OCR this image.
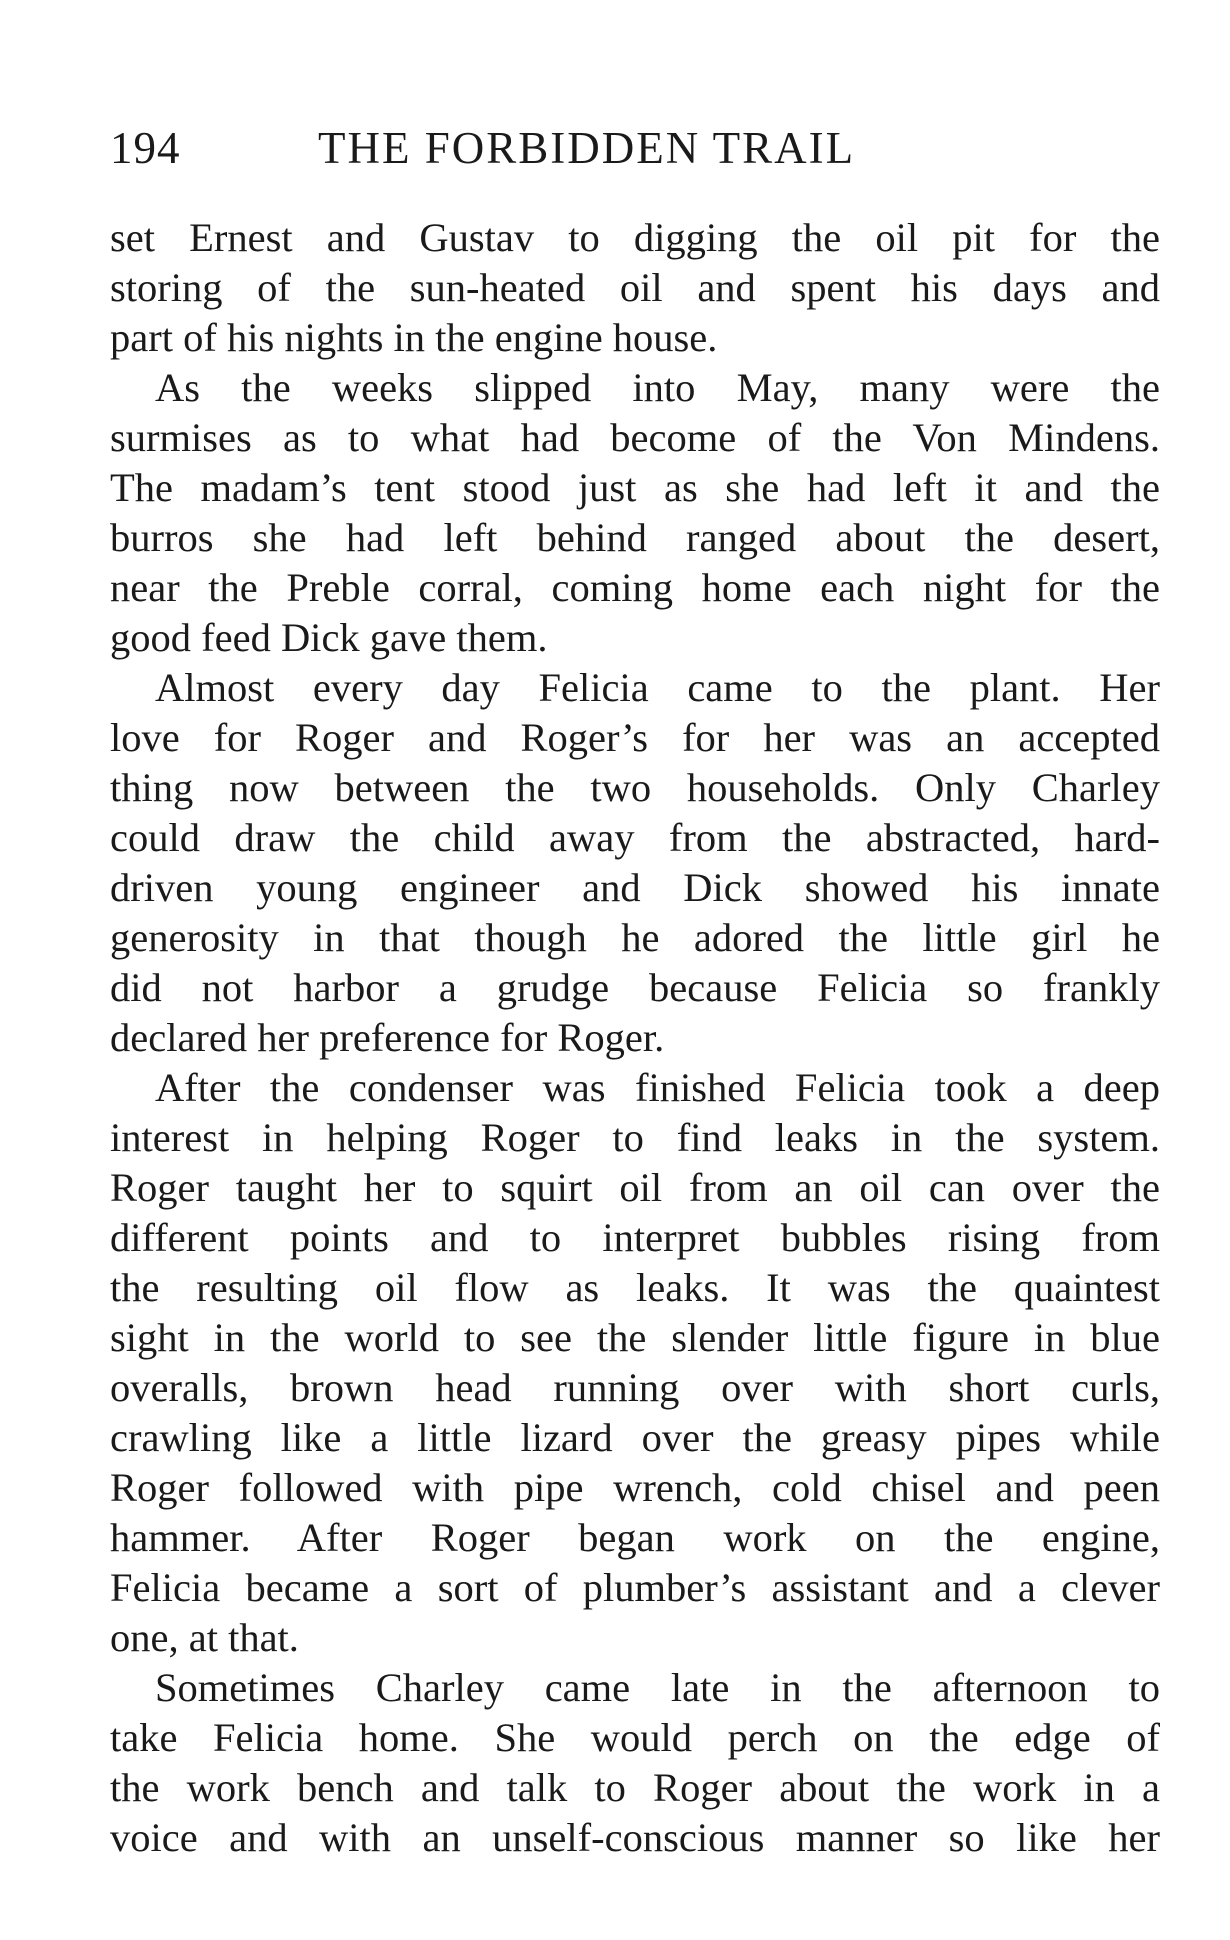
194	THE FORBIDDEN TRAIL

set Ernest and Gustav to digging the oil pit for the
storing of the sun-heated oil and spent his days and
part of his nights in the engine house.

As the weeks slipped into May, many were the
surmises as to what had become of the Von Mindens.
The madam’s tent stood just as she had left it and the
burros she had left behind ranged about the desert,
near the Preble corral, coming home each night for the
good feed Dick gave them.

Almost every day Felicia came to the plant. Her
love for Roger and Roger’s for her was an accepted
thing now between the two households. Only Charley
could draw the child away from the abstracted, hard-
driven young engineer and Dick showed his innate
generosity in that though he adored the little girl he
did not harbor a grudge because Felicia so frankly
declared her preference for Roger.

After the condenser was finished Felicia took a deep
interest in helping Roger to find leaks in the system.
Roger taught her to squirt oil from an oil can over the
different points and to interpret bubbles rising from
the resulting oil flow as leaks. It was the quaintest
sight in the world to see the slender little figure in blue
overalls, brown head running over with short curls,
crawling like a little lizard over the greasy pipes while
Roger followed with pipe wrench, cold chisel and peen
hammer. After Roger began work on the engine,
Felicia became a sort of plumber’s assistant and a clever
one, at that.

Sometimes Charley came late in the afternoon to
take Felicia home. She would perch on the edge of
the work bench and talk to Roger about the work in a
voice and with an unself-conscious manner so like her
